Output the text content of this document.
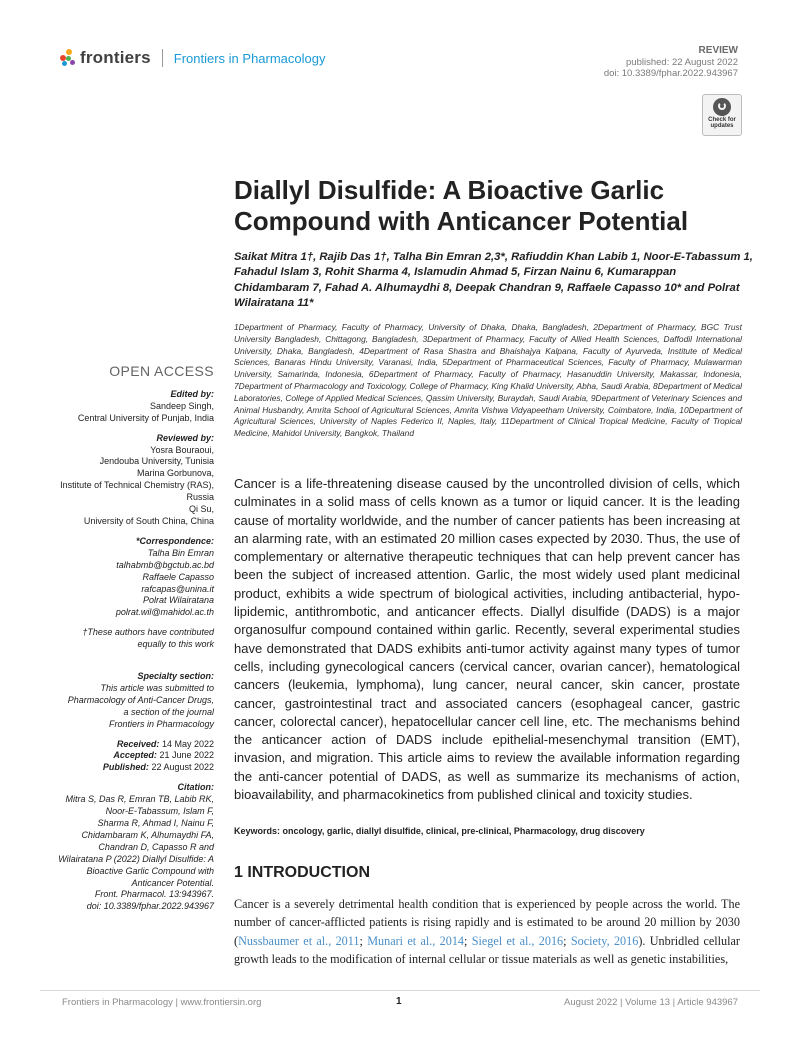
frontiers Frontiers in Pharmacology	REVIEW
published: 22 August 2022
doi: 10.3389/fphar.2022.943967
Check for
updates
Diallyl Disulfide: A Bioactive Garlic Compound with Anticancer Potential
Saikat Mitra 1†, Rajib Das 1†, Talha Bin Emran 2,3*, Rafiuddin Khan Labib 1, Noor-E-Tabassum 1, Fahadul Islam 3, Rohit Sharma 4, Islamudin Ahmad 5, Firzan Nainu 6, Kumarappan Chidambaram 7, Fahad A. Alhumaydhi 8, Deepak Chandran 9, Raffaele Capasso 10* and Polrat Wilairatana 11*
1Department of Pharmacy, Faculty of Pharmacy, University of Dhaka, Dhaka, Bangladesh, 2Department of Pharmacy, BGC Trust University Bangladesh, Chittagong, Bangladesh, 3Department of Pharmacy, Faculty of Allied Health Sciences, Daffodil International University, Dhaka, Bangladesh, 4Department of Rasa Shastra and Bhaishajya Kalpana, Faculty of Ayurveda, Institute of Medical Sciences, Banaras Hindu University, Varanasi, India, 5Department of Pharmaceutical Sciences, Faculty of Pharmacy, Mulawarman University, Samarinda, Indonesia, 6Department of Pharmacy, Faculty of Pharmacy, Hasanuddin University, Makassar, Indonesia, 7Department of Pharmacology and Toxicology, College of Pharmacy, King Khalid University, Abha, Saudi Arabia, 8Department of Medical Laboratories, College of Applied Medical Sciences, Qassim University, Buraydah, Saudi Arabia, 9Department of Veterinary Sciences and Animal Husbandry, Amrita School of Agricultural Sciences, Amrita Vishwa Vidyapeetham University, Coimbatore, India, 10Department of Agricultural Sciences, University of Naples Federico II, Naples, Italy, 11Department of Clinical Tropical Medicine, Faculty of Tropical Medicine, Mahidol University, Bangkok, Thailand
OPEN ACCESS
Edited by:
Sandeep Singh,
Central University of Punjab, India
Reviewed by:
Yosra Bouraoui,
Jendouba University, Tunisia
Marina Gorbunova,
Institute of Technical Chemistry (RAS),
Russia
Qi Su,
University of South China, China
*Correspondence:
Talha Bin Emran
talhabmb@bgctub.ac.bd
Raffaele Capasso
rafcapas@unina.it
Polrat Wilairatana
polrat.wil@mahidol.ac.th
†These authors have contributed
equally to this work
Specialty section:
This article was submitted to
Pharmacology of Anti-Cancer Drugs,
a section of the journal
Frontiers in Pharmacology
Received: 14 May 2022
Accepted: 21 June 2022
Published: 22 August 2022
Citation:
Mitra S, Das R, Emran TB, Labib RK,
Noor-E-Tabassum, Islam F,
Sharma R, Ahmad I, Nainu F,
Chidambaram K, Alhumaydhi FA,
Chandran D, Capasso R and
Wilairatana P (2022) Diallyl Disulfide: A
Bioactive Garlic Compound with
Anticancer Potential.
Front. Pharmacol. 13:943967.
doi: 10.3389/fphar.2022.943967
Cancer is a life-threatening disease caused by the uncontrolled division of cells, which culminates in a solid mass of cells known as a tumor or liquid cancer. It is the leading cause of mortality worldwide, and the number of cancer patients has been increasing at an alarming rate, with an estimated 20 million cases expected by 2030. Thus, the use of complementary or alternative therapeutic techniques that can help prevent cancer has been the subject of increased attention. Garlic, the most widely used plant medicinal product, exhibits a wide spectrum of biological activities, including antibacterial, hypo-lipidemic, antithrombotic, and anticancer effects. Diallyl disulfide (DADS) is a major organosulfur compound contained within garlic. Recently, several experimental studies have demonstrated that DADS exhibits anti-tumor activity against many types of tumor cells, including gynecological cancers (cervical cancer, ovarian cancer), hematological cancers (leukemia, lymphoma), lung cancer, neural cancer, skin cancer, prostate cancer, gastrointestinal tract and associated cancers (esophageal cancer, gastric cancer, colorectal cancer), hepatocellular cancer cell line, etc. The mechanisms behind the anticancer action of DADS include epithelial-mesenchymal transition (EMT), invasion, and migration. This article aims to review the available information regarding the anti-cancer potential of DADS, as well as summarize its mechanisms of action, bioavailability, and pharmacokinetics from published clinical and toxicity studies.
Keywords: oncology, garlic, diallyl disulfide, clinical, pre-clinical, Pharmacology, drug discovery
1 INTRODUCTION
Cancer is a severely detrimental health condition that is experienced by people across the world. The number of cancer-afflicted patients is rising rapidly and is estimated to be around 20 million by 2030 (Nussbaumer et al., 2011; Munari et al., 2014; Siegel et al., 2016; Society, 2016). Unbridled cellular growth leads to the modification of internal cellular or tissue materials as well as genetic instabilities,
Frontiers in Pharmacology | www.frontiersin.org	1	August 2022 | Volume 13 | Article 943967
